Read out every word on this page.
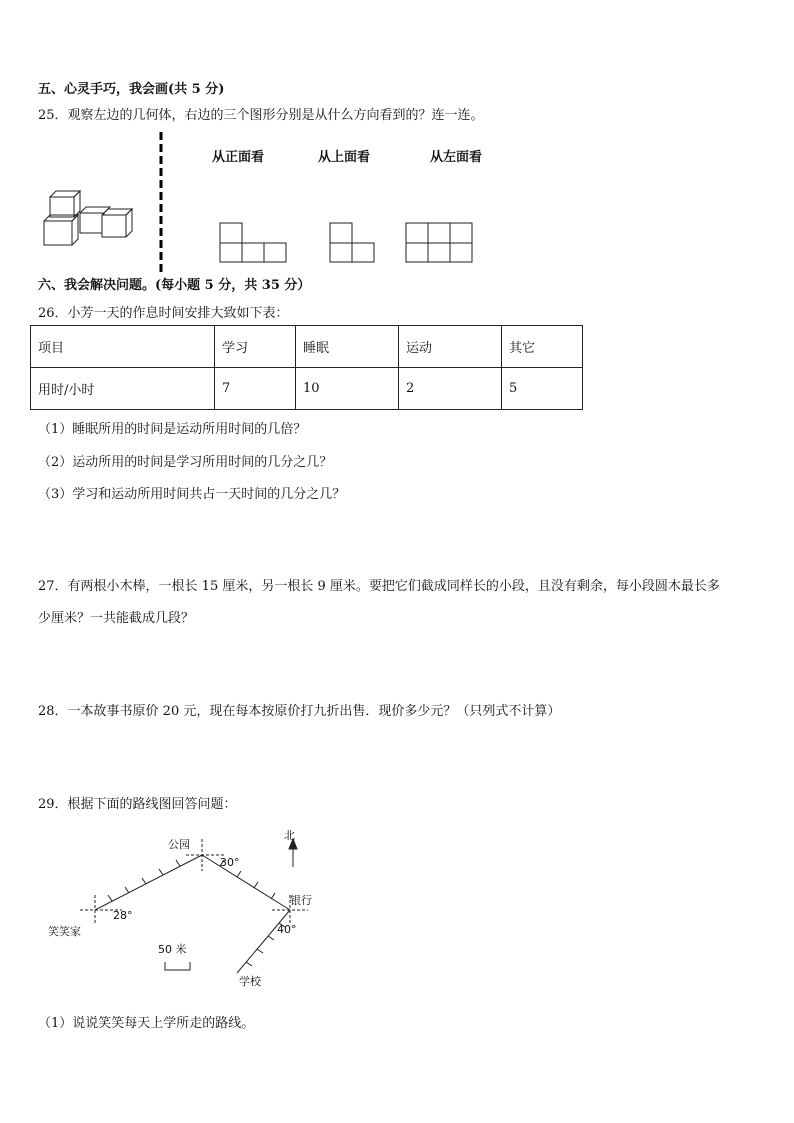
五、心灵手巧，我会画(共 5 分)
25．观察左边的几何体，右边的三个图形分别是从什么方向看到的？连一连。
从正面看	从上面看	从左面看
六、我会解决问题。(每小题 5 分，共 35 分）
26．小芳一天的作息时间安排大致如下表：
项目	学习	睡眠	运动	其它
用时/小时	7	10	2	5
（1）睡眠所用的时间是运动所用时间的几倍？
（2）运动所用的时间是学习所用时间的几分之几？
（3）学习和运动所用时间共占一天时间的几分之几？
27．有两根小木棒，一根长 15 厘米，另一根长 9 厘米。要把它们截成同样长的小段，且没有剩余，每小段圆木最长多
少厘米？一共能截成几段？
28．一本故事书原价 20 元，现在每本按原价打九折出售．现价多少元？（只列式不计算）
29．根据下面的路线图回答问题：
北
公园
30°
银行
40°
28°
笑笑家
50 米
学校
（1）说说笑笑每天上学所走的路线。
